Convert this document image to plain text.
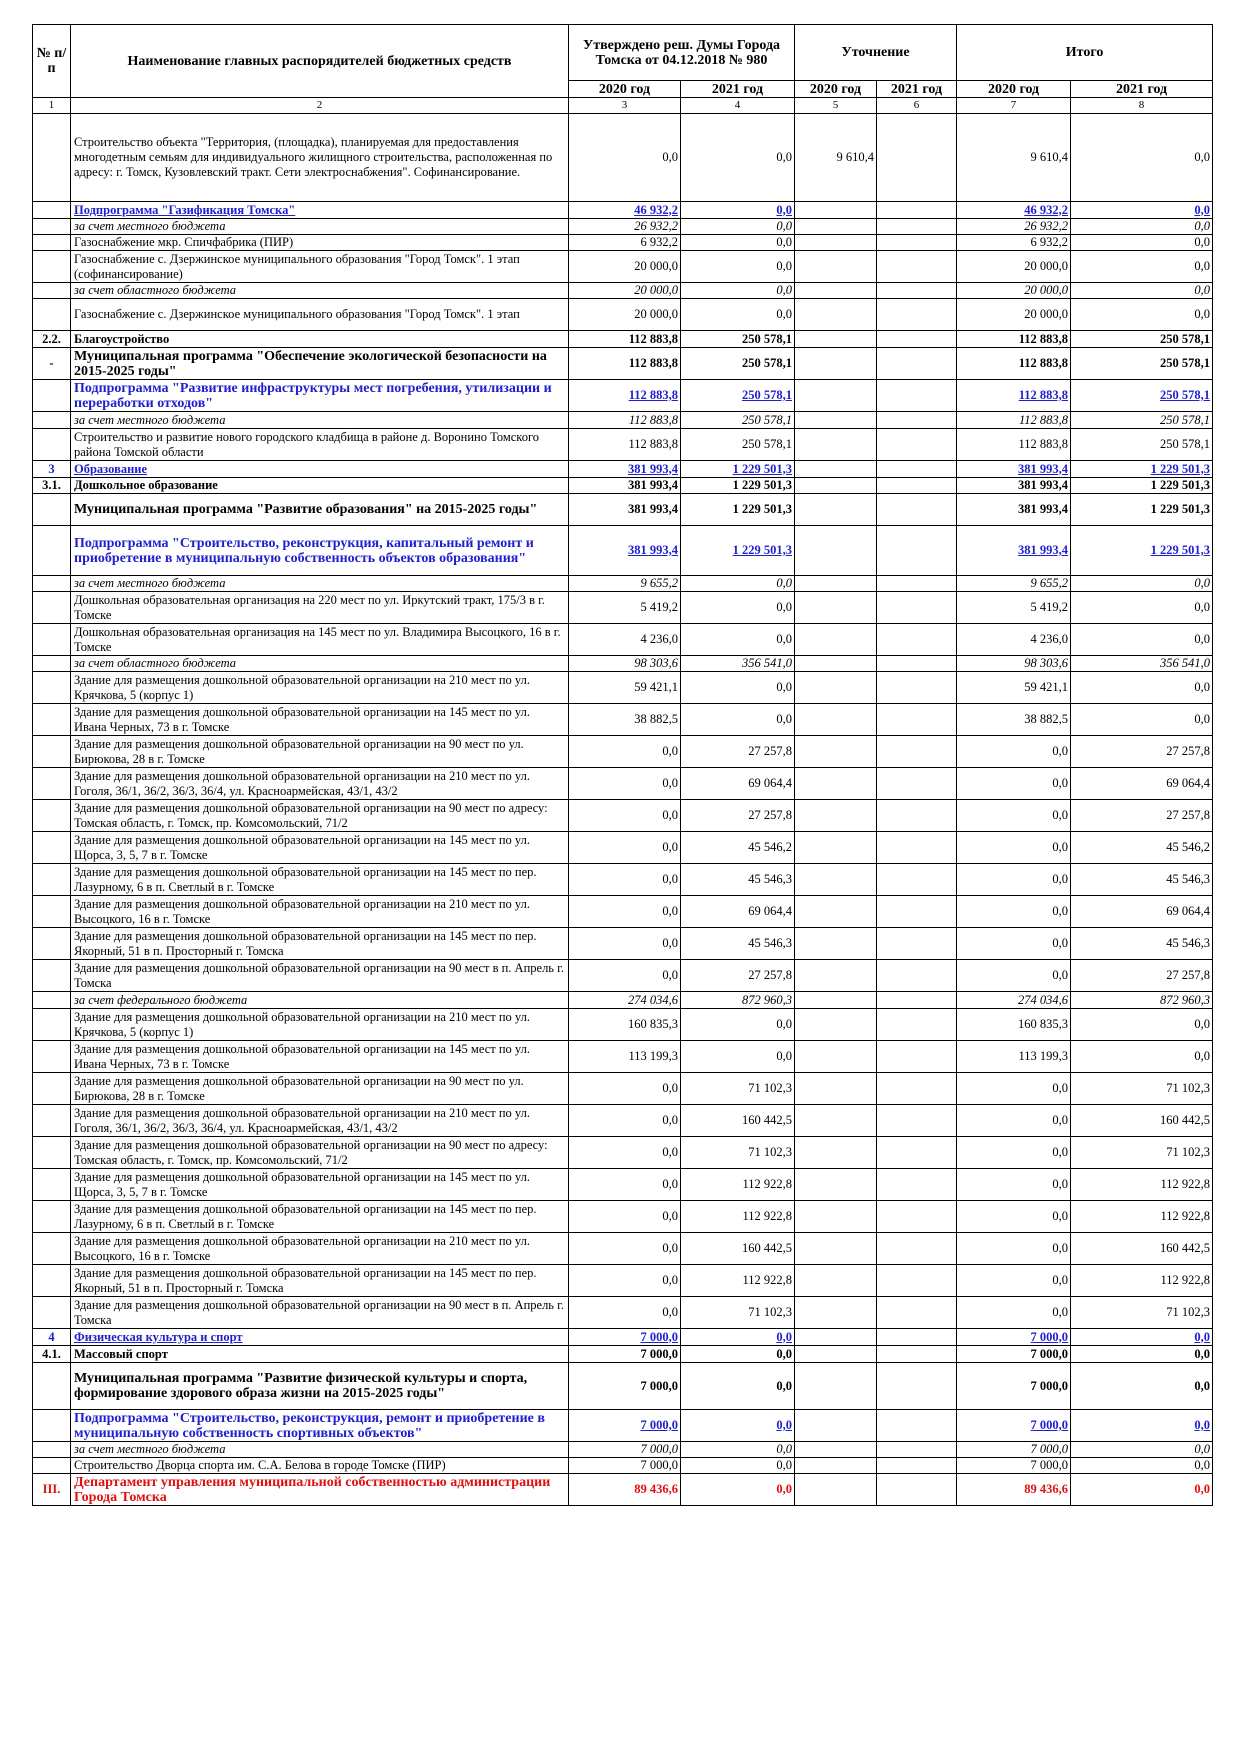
№ п/п	Наименование главных распорядителей бюджетных средств	Утверждено реш. Думы Города Томска от 04.12.2018 № 980		Уточнение		Итого	
		2020 год	2021 год	2020 год	2021 год	2020 год	2021 год
1	2	3	4	5	6	7	8
	Строительство объекта "Территория, (площадка), планируемая для предоставления многодетным семьям для индивидуального жилищного строительства, расположенная по адресу: г. Томск, Кузовлевский тракт. Сети электроснабжения". Софинансирование.	0,0	0,0	9 610,4		9 610,4	0,0
	Подпрограмма "Газификация Томска"	46 932,2	0,0			46 932,2	0,0
	за счет местного бюджета	26 932,2	0,0			26 932,2	0,0
	Газоснабжение мкр. Спичфабрика (ПИР)	6 932,2	0,0			6 932,2	0,0
	Газоснабжение с. Дзержинское муниципального образования "Город Томск". 1 этап (софинансирование)	20 000,0	0,0			20 000,0	0,0
	за счет областного бюджета	20 000,0	0,0			20 000,0	0,0
	Газоснабжение с. Дзержинское муниципального образования "Город Томск". 1 этап	20 000,0	0,0			20 000,0	0,0
2.2.	Благоустройство	112 883,8	250 578,1			112 883,8	250 578,1
-	Муниципальная программа "Обеспечение экологической безопасности на 2015-2025 годы"	112 883,8	250 578,1			112 883,8	250 578,1
	Подпрограмма "Развитие инфраструктуры мест погребения, утилизации и переработки отходов"	112 883,8	250 578,1			112 883,8	250 578,1
	за счет местного бюджета	112 883,8	250 578,1			112 883,8	250 578,1
	Строительство и развитие нового городского кладбища в районе д. Воронино Томского района Томской области	112 883,8	250 578,1			112 883,8	250 578,1
3	Образование	381 993,4	1 229 501,3			381 993,4	1 229 501,3
3.1.	Дошкольное образование	381 993,4	1 229 501,3			381 993,4	1 229 501,3
	Муниципальная программа "Развитие образования" на 2015-2025 годы"	381 993,4	1 229 501,3			381 993,4	1 229 501,3
	Подпрограмма "Строительство, реконструкция, капитальный ремонт и приобретение в муниципальную собственность объектов образования"	381 993,4	1 229 501,3			381 993,4	1 229 501,3
	за счет местного бюджета	9 655,2	0,0			9 655,2	0,0
	Дошкольная образовательная организация на 220 мест по ул. Иркутский тракт, 175/3 в г. Томске	5 419,2	0,0			5 419,2	0,0
	Дошкольная образовательная организация на 145 мест по ул. Владимира Высоцкого, 16 в г. Томске	4 236,0	0,0			4 236,0	0,0
	за счет областного бюджета	98 303,6	356 541,0			98 303,6	356 541,0
	Здание для размещения дошкольной образовательной организации на 210 мест по ул. Крячкова, 5 (корпус 1)	59 421,1	0,0			59 421,1	0,0
	Здание для размещения дошкольной образовательной организации на 145 мест по ул. Ивана Черных, 73 в г. Томске	38 882,5	0,0			38 882,5	0,0
	Здание для размещения дошкольной образовательной организации на 90 мест по ул. Бирюкова, 28 в г. Томске	0,0	27 257,8			0,0	27 257,8
	Здание для размещения дошкольной образовательной организации на 210 мест по ул. Гоголя, 36/1, 36/2, 36/3, 36/4, ул. Красноармейская, 43/1, 43/2	0,0	69 064,4			0,0	69 064,4
	Здание для размещения дошкольной образовательной организации на 90 мест по адресу: Томская область, г. Томск, пр. Комсомольский, 71/2	0,0	27 257,8			0,0	27 257,8
	Здание для размещения дошкольной образовательной организации на 145 мест по ул. Щорса, 3, 5, 7 в г. Томске	0,0	45 546,2			0,0	45 546,2
	Здание для размещения дошкольной образовательной организации на 145 мест по пер. Лазурному, 6 в п. Светлый в г. Томске	0,0	45 546,3			0,0	45 546,3
	Здание для размещения дошкольной образовательной организации на 210 мест по ул. Высоцкого, 16 в г. Томске	0,0	69 064,4			0,0	69 064,4
	Здание для размещения дошкольной образовательной организации на 145 мест по пер. Якорный, 51 в п. Просторный г. Томска	0,0	45 546,3			0,0	45 546,3
	Здание для размещения дошкольной образовательной организации на 90 мест в п. Апрель г. Томска	0,0	27 257,8			0,0	27 257,8
	за счет федерального бюджета	274 034,6	872 960,3			274 034,6	872 960,3
	Здание для размещения дошкольной образовательной организации на 210 мест по ул. Крячкова, 5 (корпус 1)	160 835,3	0,0			160 835,3	0,0
	Здание для размещения дошкольной образовательной организации на 145 мест по ул. Ивана Черных, 73 в г. Томске	113 199,3	0,0			113 199,3	0,0
	Здание для размещения дошкольной образовательной организации на 90 мест по ул. Бирюкова, 28 в г. Томске	0,0	71 102,3			0,0	71 102,3
	Здание для размещения дошкольной образовательной организации на 210 мест по ул. Гоголя, 36/1, 36/2, 36/3, 36/4, ул. Красноармейская, 43/1, 43/2	0,0	160 442,5			0,0	160 442,5
	Здание для размещения дошкольной образовательной организации на 90 мест по адресу: Томская область, г. Томск, пр. Комсомольский, 71/2	0,0	71 102,3			0,0	71 102,3
	Здание для размещения дошкольной образовательной организации на 145 мест по ул. Щорса, 3, 5, 7 в г. Томске	0,0	112 922,8			0,0	112 922,8
	Здание для размещения дошкольной образовательной организации на 145 мест по пер. Лазурному, 6 в п. Светлый в г. Томске	0,0	112 922,8			0,0	112 922,8
	Здание для размещения дошкольной образовательной организации на 210 мест по ул. Высоцкого, 16 в г. Томске	0,0	160 442,5			0,0	160 442,5
	Здание для размещения дошкольной образовательной организации на 145 мест по пер. Якорный, 51 в п. Просторный г. Томска	0,0	112 922,8			0,0	112 922,8
	Здание для размещения дошкольной образовательной организации на 90 мест в п. Апрель г. Томска	0,0	71 102,3			0,0	71 102,3
4	Физическая культура и спорт	7 000,0	0,0			7 000,0	0,0
4.1.	Массовый спорт	7 000,0	0,0			7 000,0	0,0
	Муниципальная программа "Развитие физической культуры и спорта, формирование здорового образа жизни на 2015-2025 годы"	7 000,0	0,0			7 000,0	0,0
	Подпрограмма "Строительство, реконструкция, ремонт и приобретение в муниципальную собственность спортивных объектов"	7 000,0	0,0			7 000,0	0,0
	за счет местного бюджета	7 000,0	0,0			7 000,0	0,0
	Строительство Дворца спорта им. С.А. Белова в городе Томске (ПИР)	7 000,0	0,0			7 000,0	0,0
III.	Департамент управления муниципальной собственностью администрации Города Томска	89 436,6	0,0			89 436,6	0,0
